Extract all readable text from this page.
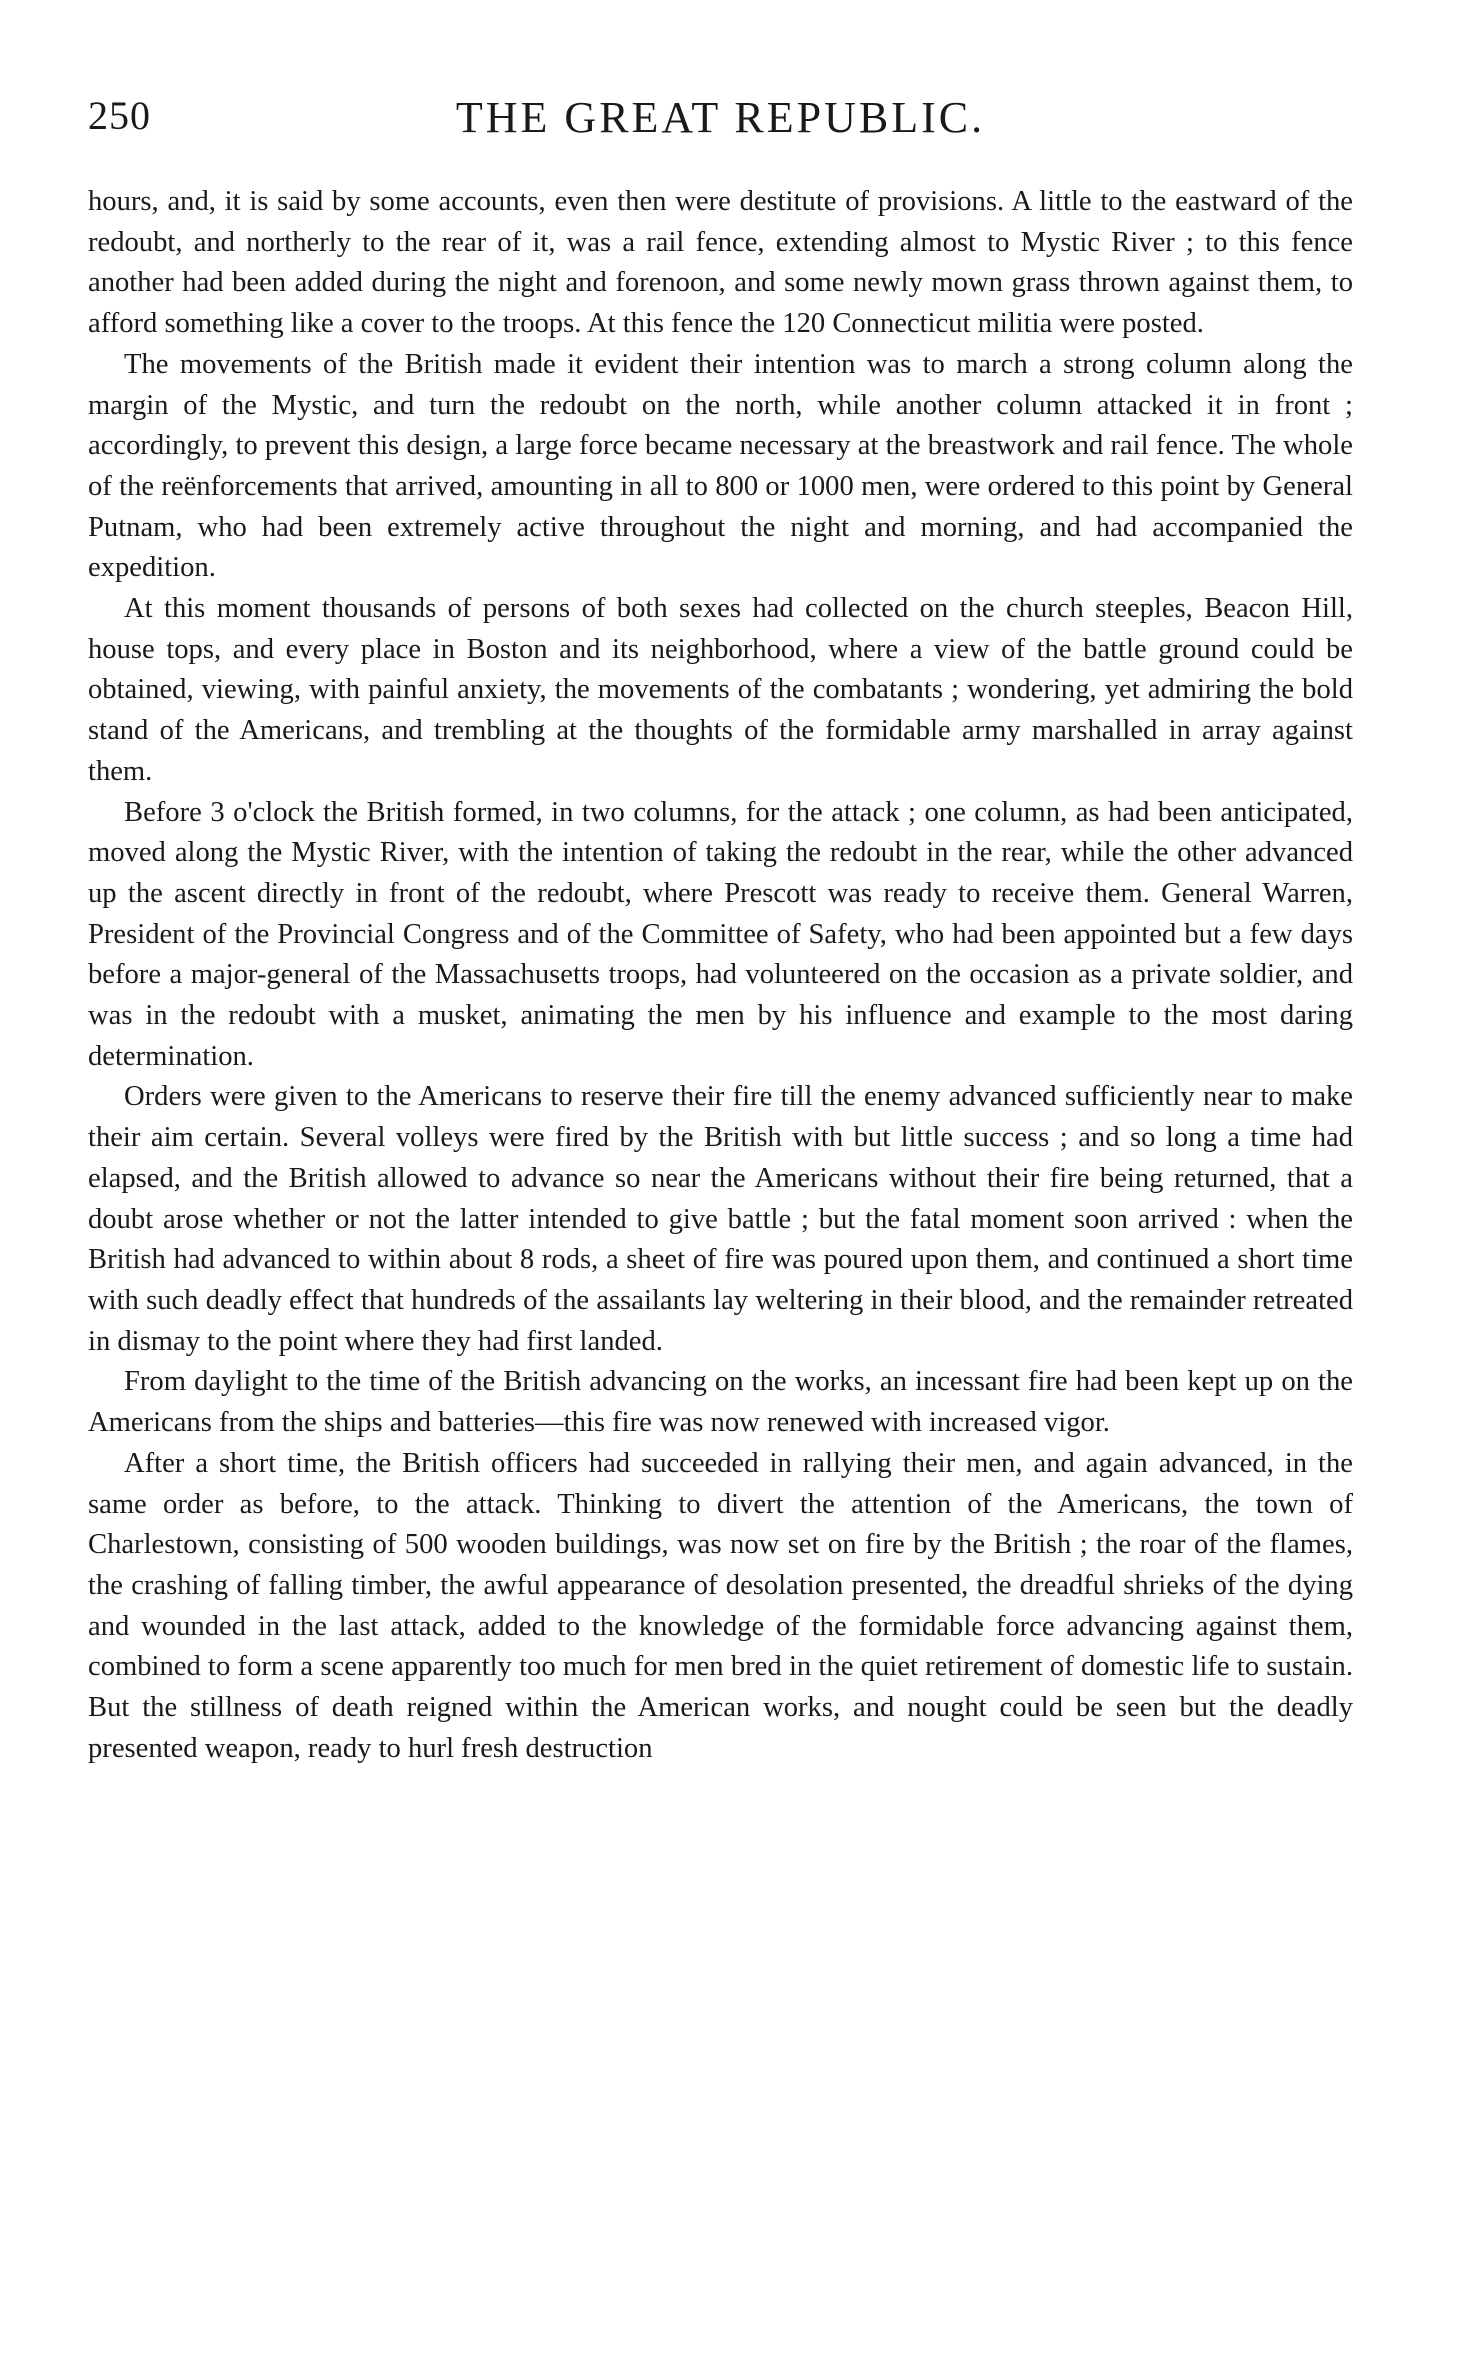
250	THE GREAT REPUBLIC.

hours, and, it is said by some accounts, even then were destitute of provisions. A little to the eastward of the redoubt, and northerly to the rear of it, was a rail fence, extending almost to Mystic River ; to this fence another had been added during the night and forenoon, and some newly mown grass thrown against them, to afford something like a cover to the troops. At this fence the 120 Connecticut militia were posted.

The movements of the British made it evident their intention was to march a strong column along the margin of the Mystic, and turn the redoubt on the north, while another column attacked it in front ; accordingly, to prevent this design, a large force became necessary at the breastwork and rail fence. The whole of the reënforcements that arrived, amounting in all to 800 or 1000 men, were ordered to this point by General Putnam, who had been extremely active throughout the night and morning, and had accompanied the expedition.

At this moment thousands of persons of both sexes had collected on the church steeples, Beacon Hill, house tops, and every place in Boston and its neighborhood, where a view of the battle ground could be obtained, viewing, with painful anxiety, the movements of the combatants ; wondering, yet admiring the bold stand of the Americans, and trembling at the thoughts of the formidable army marshalled in array against them.

Before 3 o'clock the British formed, in two columns, for the attack ; one column, as had been anticipated, moved along the Mystic River, with the intention of taking the redoubt in the rear, while the other advanced up the ascent directly in front of the redoubt, where Prescott was ready to receive them. General Warren, President of the Provincial Congress and of the Committee of Safety, who had been appointed but a few days before a major-general of the Massachusetts troops, had volunteered on the occasion as a private soldier, and was in the redoubt with a musket, animating the men by his influence and example to the most daring determination.

Orders were given to the Americans to reserve their fire till the enemy advanced sufficiently near to make their aim certain. Several volleys were fired by the British with but little success ; and so long a time had elapsed, and the British allowed to advance so near the Americans without their fire being returned, that a doubt arose whether or not the latter intended to give battle ; but the fatal moment soon arrived : when the British had advanced to within about 8 rods, a sheet of fire was poured upon them, and continued a short time with such deadly effect that hundreds of the assailants lay weltering in their blood, and the remainder retreated in dismay to the point where they had first landed.

From daylight to the time of the British advancing on the works, an incessant fire had been kept up on the Americans from the ships and batteries—this fire was now renewed with increased vigor.

After a short time, the British officers had succeeded in rallying their men, and again advanced, in the same order as before, to the attack. Thinking to divert the attention of the Americans, the town of Charlestown, consisting of 500 wooden buildings, was now set on fire by the British ; the roar of the flames, the crashing of falling timber, the awful appearance of desolation presented, the dreadful shrieks of the dying and wounded in the last attack, added to the knowledge of the formidable force advancing against them, combined to form a scene apparently too much for men bred in the quiet retirement of domestic life to sustain. But the stillness of death reigned within the American works, and nought could be seen but the deadly presented weapon, ready to hurl fresh destruction
